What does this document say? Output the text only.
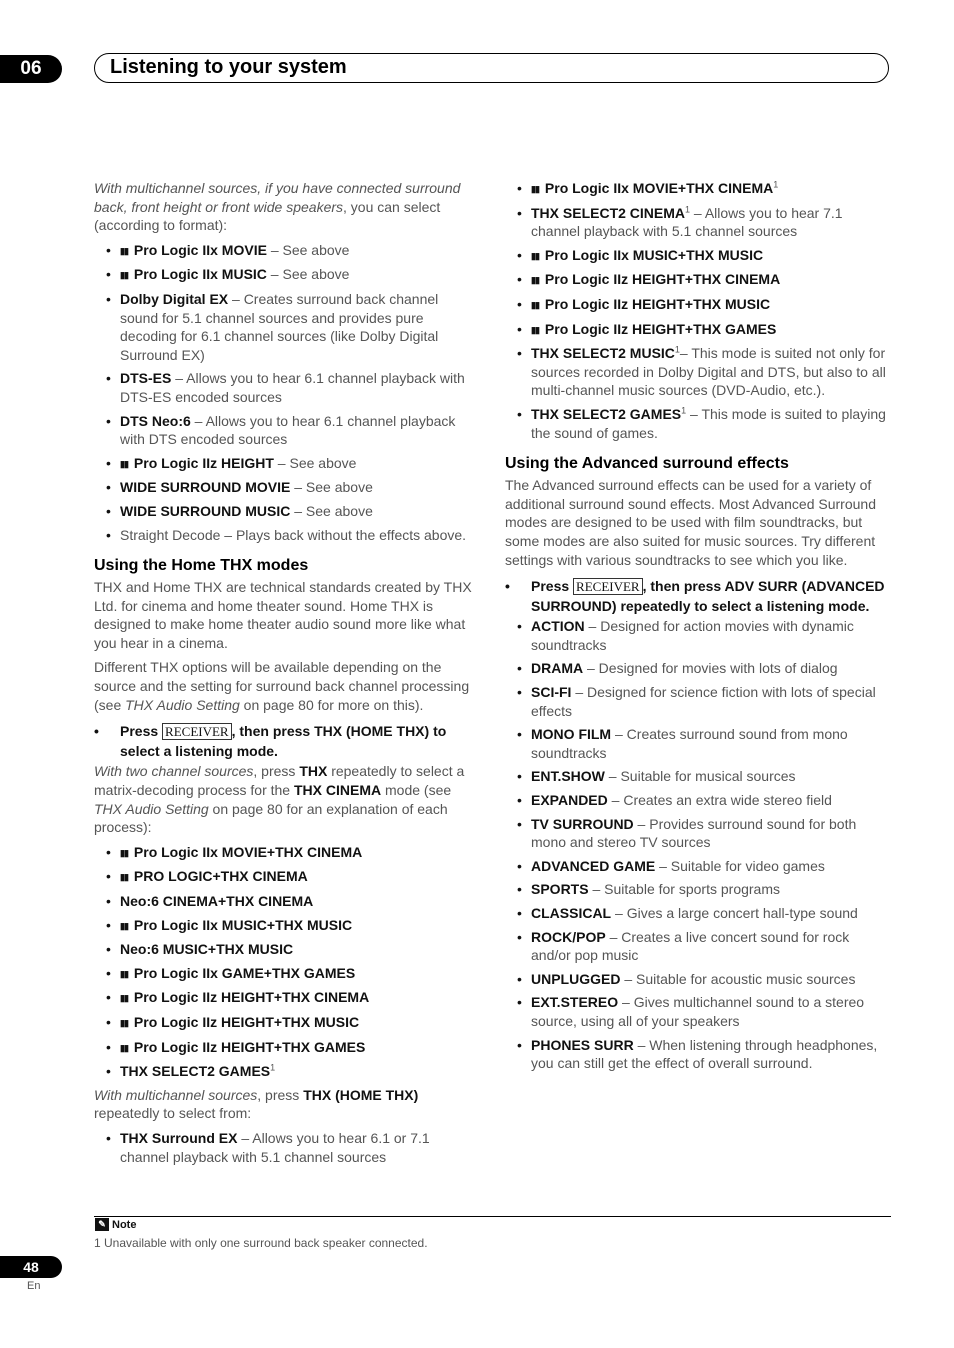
06	Listening to your system

With multichannel sources, if you have connected surround back, front height or front wide speakers, you can select (according to format):

▮▮• Pro Logic IIx MOVIE – See above
▮▮• Pro Logic IIx MUSIC – See above
• Dolby Digital EX – Creates surround back channel sound for 5.1 channel sources and provides pure decoding for 6.1 channel sources (like Dolby Digital Surround EX)
• DTS-ES – Allows you to hear 6.1 channel playback with DTS-ES encoded sources
• DTS Neo:6 – Allows you to hear 6.1 channel playback with DTS encoded sources
▮▮• Pro Logic IIz HEIGHT – See above
• WIDE SURROUND MOVIE – See above
• WIDE SURROUND MUSIC – See above
• Straight Decode – Plays back without the effects above.
Using the Home THX modes

THX and Home THX are technical standards created by THX Ltd. for cinema and home theater sound. Home THX is designed to make home theater audio sound more like what you hear in a cinema.

Different THX options will be available depending on the source and the setting for surround back channel processing (see THX Audio Setting on page 80 for more on this).

• Press RECEIVER , then press THX (HOME THX) to select a listening mode.

With two channel sources, press THX repeatedly to select a matrix-decoding process for the THX CINEMA mode (see THX Audio Setting on page 80 for an explanation of each process):

▮▮• Pro Logic IIx MOVIE+THX CINEMA
▮▮• PRO LOGIC+THX CINEMA
• Neo:6 CINEMA+THX CINEMA
▮▮• Pro Logic IIx MUSIC+THX MUSIC
• Neo:6 MUSIC+THX MUSIC
▮▮• Pro Logic IIx GAME+THX GAMES
▮▮• Pro Logic IIz HEIGHT+THX CINEMA
▮▮• Pro Logic IIz HEIGHT+THX MUSIC
▮▮• Pro Logic IIz HEIGHT+THX GAMES
• THX SELECT2 GAMES$^1$

With multichannel sources, press THX (HOME THX) repeatedly to select from:

• THX Surround EX – Allows you to hear 6.1 or 7.1 channel playback with 5.1 channel sources
▮▮• Pro Logic IIx MOVIE+THX CINEMA$^1$
• THX SELECT2 CINEMA$^1$ – Allows you to hear 7.1 channel playback with 5.1 channel sources
▮▮• Pro Logic IIx MUSIC+THX MUSIC
▮▮• Pro Logic IIz HEIGHT+THX CINEMA
▮▮• Pro Logic IIz HEIGHT+THX MUSIC
▮▮• Pro Logic IIz HEIGHT+THX GAMES
• THX SELECT2 MUSIC$^1$– This mode is suited not only for sources recorded in Dolby Digital and DTS, but also to all multi-channel music sources (DVD-Audio, etc.).
• THX SELECT2 GAMES$^1$ – This mode is suited to playing the sound of games.
Using the Advanced surround effects

The Advanced surround effects can be used for a variety of additional surround sound effects. Most Advanced Surround modes are designed to be used with film soundtracks, but some modes are also suited for music sources. Try different settings with various soundtracks to see which you like.

• Press RECEIVER , then press ADV SURR (ADVANCED SURROUND) repeatedly to select a listening mode.
• ACTION – Designed for action movies with dynamic soundtracks
• DRAMA – Designed for movies with lots of dialog
• SCI-FI – Designed for science fiction with lots of special effects
• MONO FILM – Creates surround sound from mono soundtracks
• ENT.SHOW – Suitable for musical sources
• EXPANDED – Creates an extra wide stereo field
• TV SURROUND – Provides surround sound for both mono and stereo TV sources
• ADVANCED GAME – Suitable for video games
• SPORTS – Suitable for sports programs
• CLASSICAL – Gives a large concert hall-type sound
• ROCK/POP – Creates a live concert sound for rock and/or pop music
• UNPLUGGED – Suitable for acoustic music sources
• EXT.STEREO – Gives multichannel sound to a stereo source, using all of your speakers
• PHONES SURR – When listening through headphones, you can still get the effect of overall surround.
✎ Note
1 Unavailable with only one surround back speaker connected.
48
En
